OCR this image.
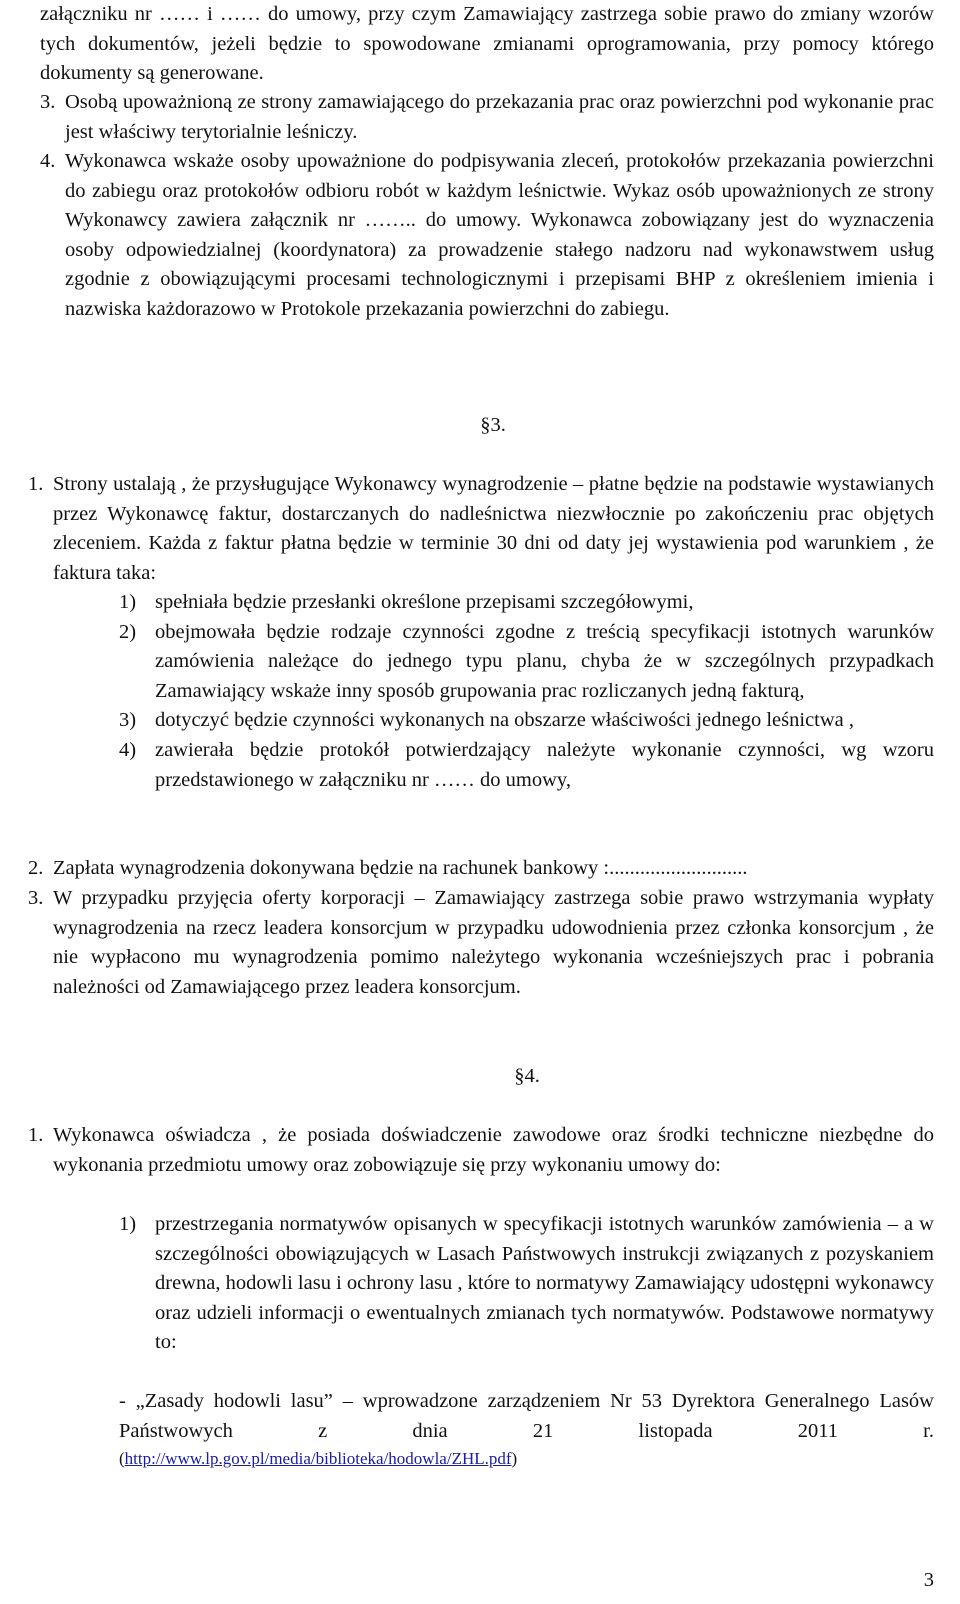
załączniku nr …… i …… do umowy, przy czym Zamawiający zastrzega sobie prawo do zmiany wzorów tych dokumentów, jeżeli będzie to spowodowane zmianami oprogramowania, przy pomocy którego dokumenty są generowane.
3. Osobą upoważnioną ze strony zamawiającego do przekazania prac oraz powierzchni pod wykonanie prac jest właściwy terytorialnie leśniczy.
4. Wykonawca wskaże osoby upoważnione do podpisywania zleceń, protokołów przekazania powierzchni do zabiegu oraz protokołów odbioru robót w każdym leśnictwie. Wykaz osób upoważnionych ze strony Wykonawcy zawiera załącznik nr …….. do umowy. Wykonawca zobowiązany jest do wyznaczenia osoby odpowiedzialnej (koordynatora) za prowadzenie stałego nadzoru nad wykonawstwem usług zgodnie z obowiązującymi procesami technologicznymi i przepisami BHP z określeniem imienia i nazwiska każdorazowo w Protokole przekazania powierzchni do zabiegu.
§3.
1. Strony ustalają , że przysługujące Wykonawcy wynagrodzenie – płatne będzie na podstawie wystawianych przez Wykonawcę faktur, dostarczanych do nadleśnictwa niezwłocznie po zakończeniu prac objętych zleceniem. Każda z faktur płatna będzie w terminie 30 dni od daty jej wystawienia pod warunkiem , że faktura taka:
1) spełniała będzie przesłanki określone przepisami szczegółowymi,
2) obejmowała będzie rodzaje czynności zgodne z treścią specyfikacji istotnych warunków zamówienia należące do jednego typu planu, chyba że w szczególnych przypadkach Zamawiający wskaże inny sposób grupowania prac rozliczanych jedną fakturą,
3) dotyczyć będzie czynności wykonanych na obszarze właściwości jednego leśnictwa ,
4) zawierała będzie protokół potwierdzający należyte wykonanie czynności, wg wzoru przedstawionego w załączniku nr …… do umowy,
2. Zapłata wynagrodzenia dokonywana będzie na rachunek bankowy :...........................
3. W przypadku przyjęcia oferty korporacji – Zamawiający zastrzega sobie prawo wstrzymania wypłaty wynagrodzenia na rzecz leadera konsorcjum w przypadku udowodnienia przez członka konsorcjum , że nie wypłacono mu wynagrodzenia pomimo należytego wykonania wcześniejszych prac i pobrania należności od Zamawiającego przez leadera konsorcjum.
§4.
1. Wykonawca oświadcza , że posiada doświadczenie zawodowe oraz środki techniczne niezbędne do wykonania przedmiotu umowy oraz zobowiązuje się przy wykonaniu umowy do:
1) przestrzegania normatywów opisanych w specyfikacji istotnych warunków zamówienia – a w szczególności obowiązujących w Lasach Państwowych instrukcji związanych z pozyskaniem drewna, hodowli lasu i ochrony lasu , które to normatywy Zamawiający udostępni wykonawcy oraz udzieli informacji o ewentualnych zmianach tych normatywów. Podstawowe normatywy to:
- „Zasady hodowli lasu” – wprowadzone zarządzeniem Nr 53 Dyrektora Generalnego Lasów Państwowych z dnia 21 listopada 2011 r.
(http://www.lp.gov.pl/media/biblioteka/hodowla/ZHL.pdf)
3
